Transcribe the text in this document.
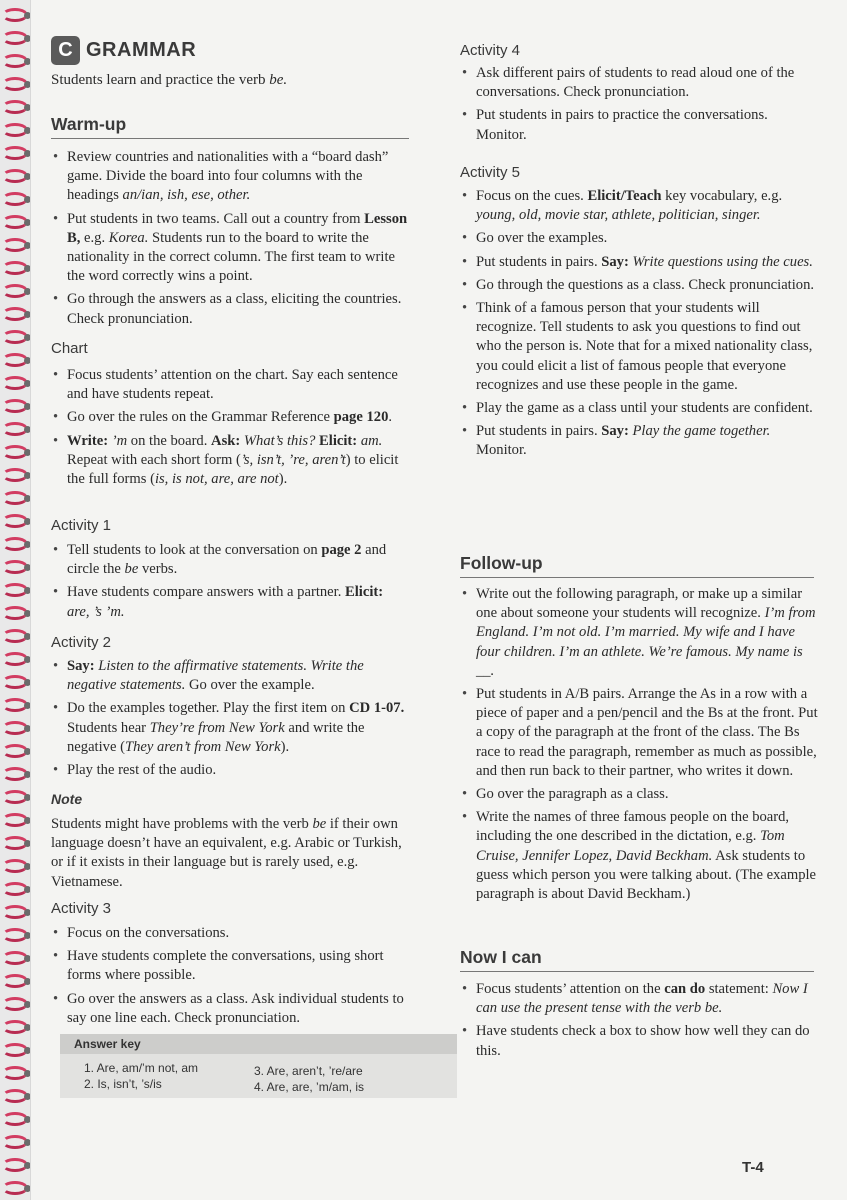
C GRAMMAR
Students learn and practice the verb be.
Warm-up
• Review countries and nationalities with a “board dash” game. Divide the board into four columns with the headings an/ian, ish, ese, other.
• Put students in two teams. Call out a country from Lesson B, e.g. Korea. Students run to the board to write the nationality in the correct column. The first team to write the word correctly wins a point.
• Go through the answers as a class, eliciting the countries. Check pronunciation.
Chart
• Focus students’ attention on the chart. Say each sentence and have students repeat.
• Go over the rules on the Grammar Reference page 120.
• Write: ’m on the board. Ask: What’s this? Elicit: am. Repeat with each short form (’s, isn’t, ’re, aren’t) to elicit the full forms (is, is not, are, are not).
Activity 1
• Tell students to look at the conversation on page 2 and circle the be verbs.
• Have students compare answers with a partner. Elicit: are, ’s ’m.
Activity 2
• Say: Listen to the affirmative statements. Write the negative statements. Go over the example.
• Do the examples together. Play the first item on CD 1-07. Students hear They’re from New York and write the negative (They aren’t from New York).
• Play the rest of the audio.
Note

Students might have problems with the verb be if their own language doesn’t have an equivalent, e.g. Arabic or Turkish, or if it exists in their language but is rarely used, e.g. Vietnamese.

Activity 3
• Focus on the conversations.
• Have students complete the conversations, using short forms where possible.
• Go over the answers as a class. Ask individual students to say one line each. Check pronunciation.
Answer key
1. Are, am/’m not, am
2. Is, isn’t, ’s/is
3. Are, aren’t, ’re/are
4. Are, are, ’m/am, is
Activity 4
• Ask different pairs of students to read aloud one of the conversations. Check pronunciation.
• Put students in pairs to practice the conversations. Monitor.
Activity 5
• Focus on the cues. Elicit/Teach key vocabulary, e.g. young, old, movie star, athlete, politician, singer.
• Go over the examples.
• Put students in pairs. Say: Write questions using the cues.
• Go through the questions as a class. Check pronunciation.
• Think of a famous person that your students will recognize. Tell students to ask you questions to find out who the person is. Note that for a mixed nationality class, you could elicit a list of famous people that everyone recognizes and use these people in the game.
• Play the game as a class until your students are confident.
• Put students in pairs. Say: Play the game together. Monitor.
Follow-up
• Write out the following paragraph, or make up a similar one about someone your students will recognize. I’m from England. I’m not old. I’m married. My wife and I have four children. I’m an athlete. We’re famous. My name is __.
• Put students in A/B pairs. Arrange the As in a row with a piece of paper and a pen/pencil and the Bs at the front. Put a copy of the paragraph at the front of the class. The Bs race to read the paragraph, remember as much as possible, and then run back to their partner, who writes it down.
• Go over the paragraph as a class.
• Write the names of three famous people on the board, including the one described in the dictation, e.g. Tom Cruise, Jennifer Lopez, David Beckham. Ask students to guess which person you were talking about. (The example paragraph is about David Beckham.)
Now I can
• Focus students’ attention on the can do statement: Now I can use the present tense with the verb be.
• Have students check a box to show how well they can do this.
T-4
